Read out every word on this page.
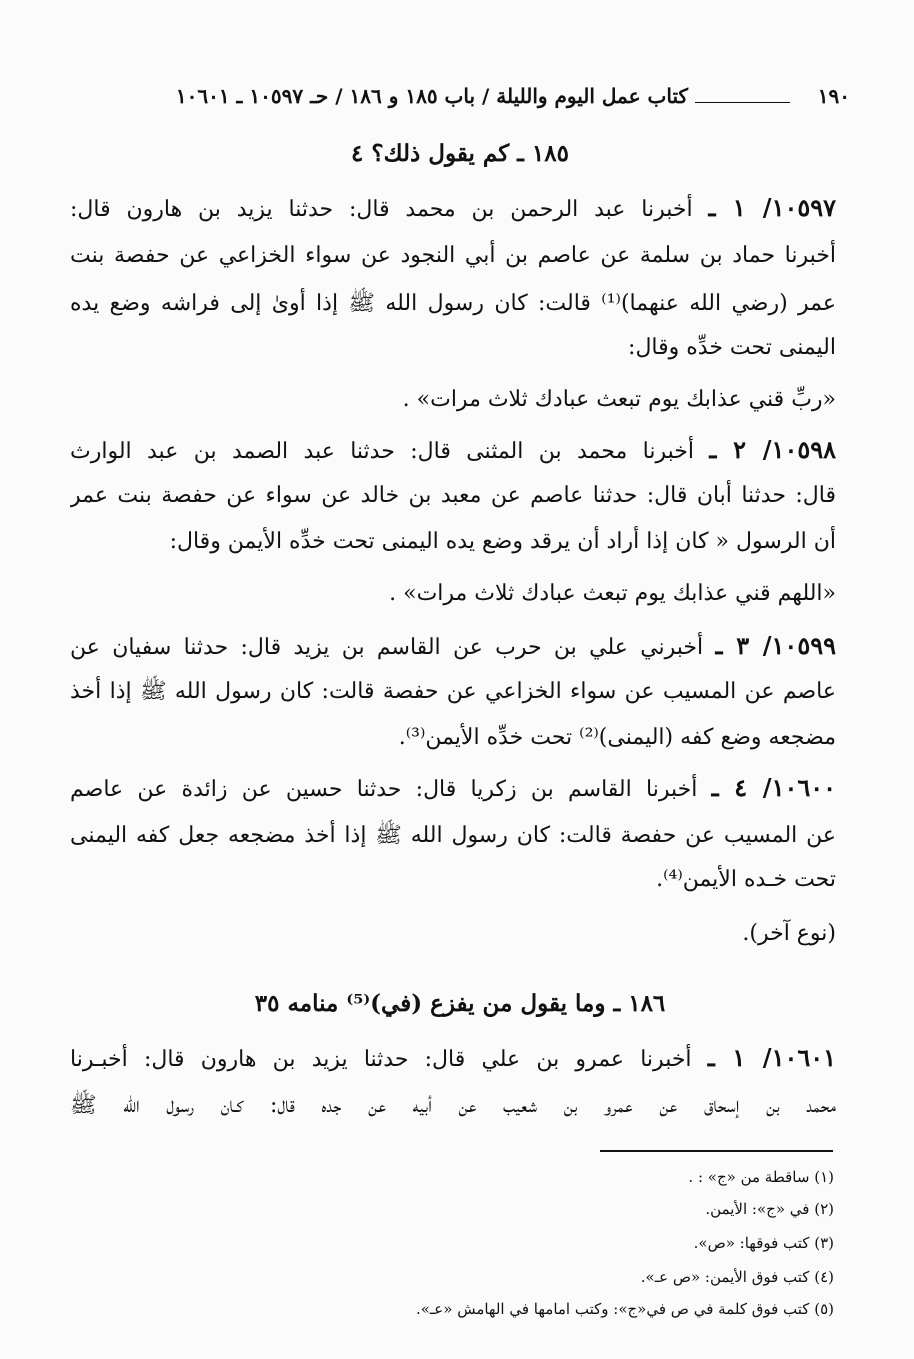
١٩٠
كتاب عمل اليوم والليلة / باب ١٨٥ و ١٨٦ / حـ ١٠٥٩٧ ـ ١٠٦٠١
١٨٥ ـ كم يقول ذلك؟ ٤
١٠٥٩٧/ ١ ـ أخبرنا عبد الرحمن بن محمد قال: حدثنا يزيد بن هارون قال:
أخبرنا حماد بن سلمة عن عاصم بن أبي النجود عن سواء الخزاعي عن حفصة بنت
عمر (رضي الله عنهما)⁽¹⁾ قالت: كان رسول الله ﷺ إذا أوىٰ إلى فراشه وضع يده
اليمنى تحت خدِّه وقال:
«ربِّ قني عذابك يوم تبعث عبادك ثلاث مرات» .
١٠٥٩٨/ ٢ ـ أخبرنا محمد بن المثنى قال: حدثنا عبد الصمد بن عبد الوارث
قال: حدثنا أبان قال: حدثنا عاصم عن معبد بن خالد عن سواء عن حفصة بنت عمر
أن الرسول « كان إذا أراد أن يرقد وضع يده اليمنى تحت خدِّه الأيمن وقال:
«اللهم قني عذابك يوم تبعث عبادك ثلاث مرات» .
١٠٥٩٩/ ٣ ـ أخبرني علي بن حرب عن القاسم بن يزيد قال: حدثنا سفيان عن
عاصم عن المسيب عن سواء الخزاعي عن حفصة قالت: كان رسول الله ﷺ إذا أخذ
مضجعه وضع كفه (اليمنى)⁽²⁾ تحت خدِّه الأيمن⁽³⁾.
١٠٦٠٠/ ٤ ـ أخبرنا القاسم بن زكريا قال: حدثنا حسين عن زائدة عن عاصم
عن المسيب عن حفصة قالت: كان رسول الله ﷺ إذا أخذ مضجعه جعل كفه اليمنى
تحت خـده الأيمن⁽⁴⁾.
(نوع آخر).
١٨٦ ـ وما يقول من يفزع (في)⁽⁵⁾ منامه ٣٥
١٠٦٠١/ ١ ـ أخبرنا عمرو بن علي قال: حدثنا يزيد بن هارون قال: أخبـرنا
محمد بن إسحاق عن عمرو بن شعيب عن أبيه عن جده قال: كـان رسول الله ﷺ
(١) ساقطة من «ج» : .
(٢) في «ج»: الأيمن.
(٣) كتب فوقها: «ص».
(٤) كتب فوق الأيمن: «ص عـ».
(٥) كتب فوق كلمة في ص في«ج»: وكتب امامها في الهامش «عـ».
